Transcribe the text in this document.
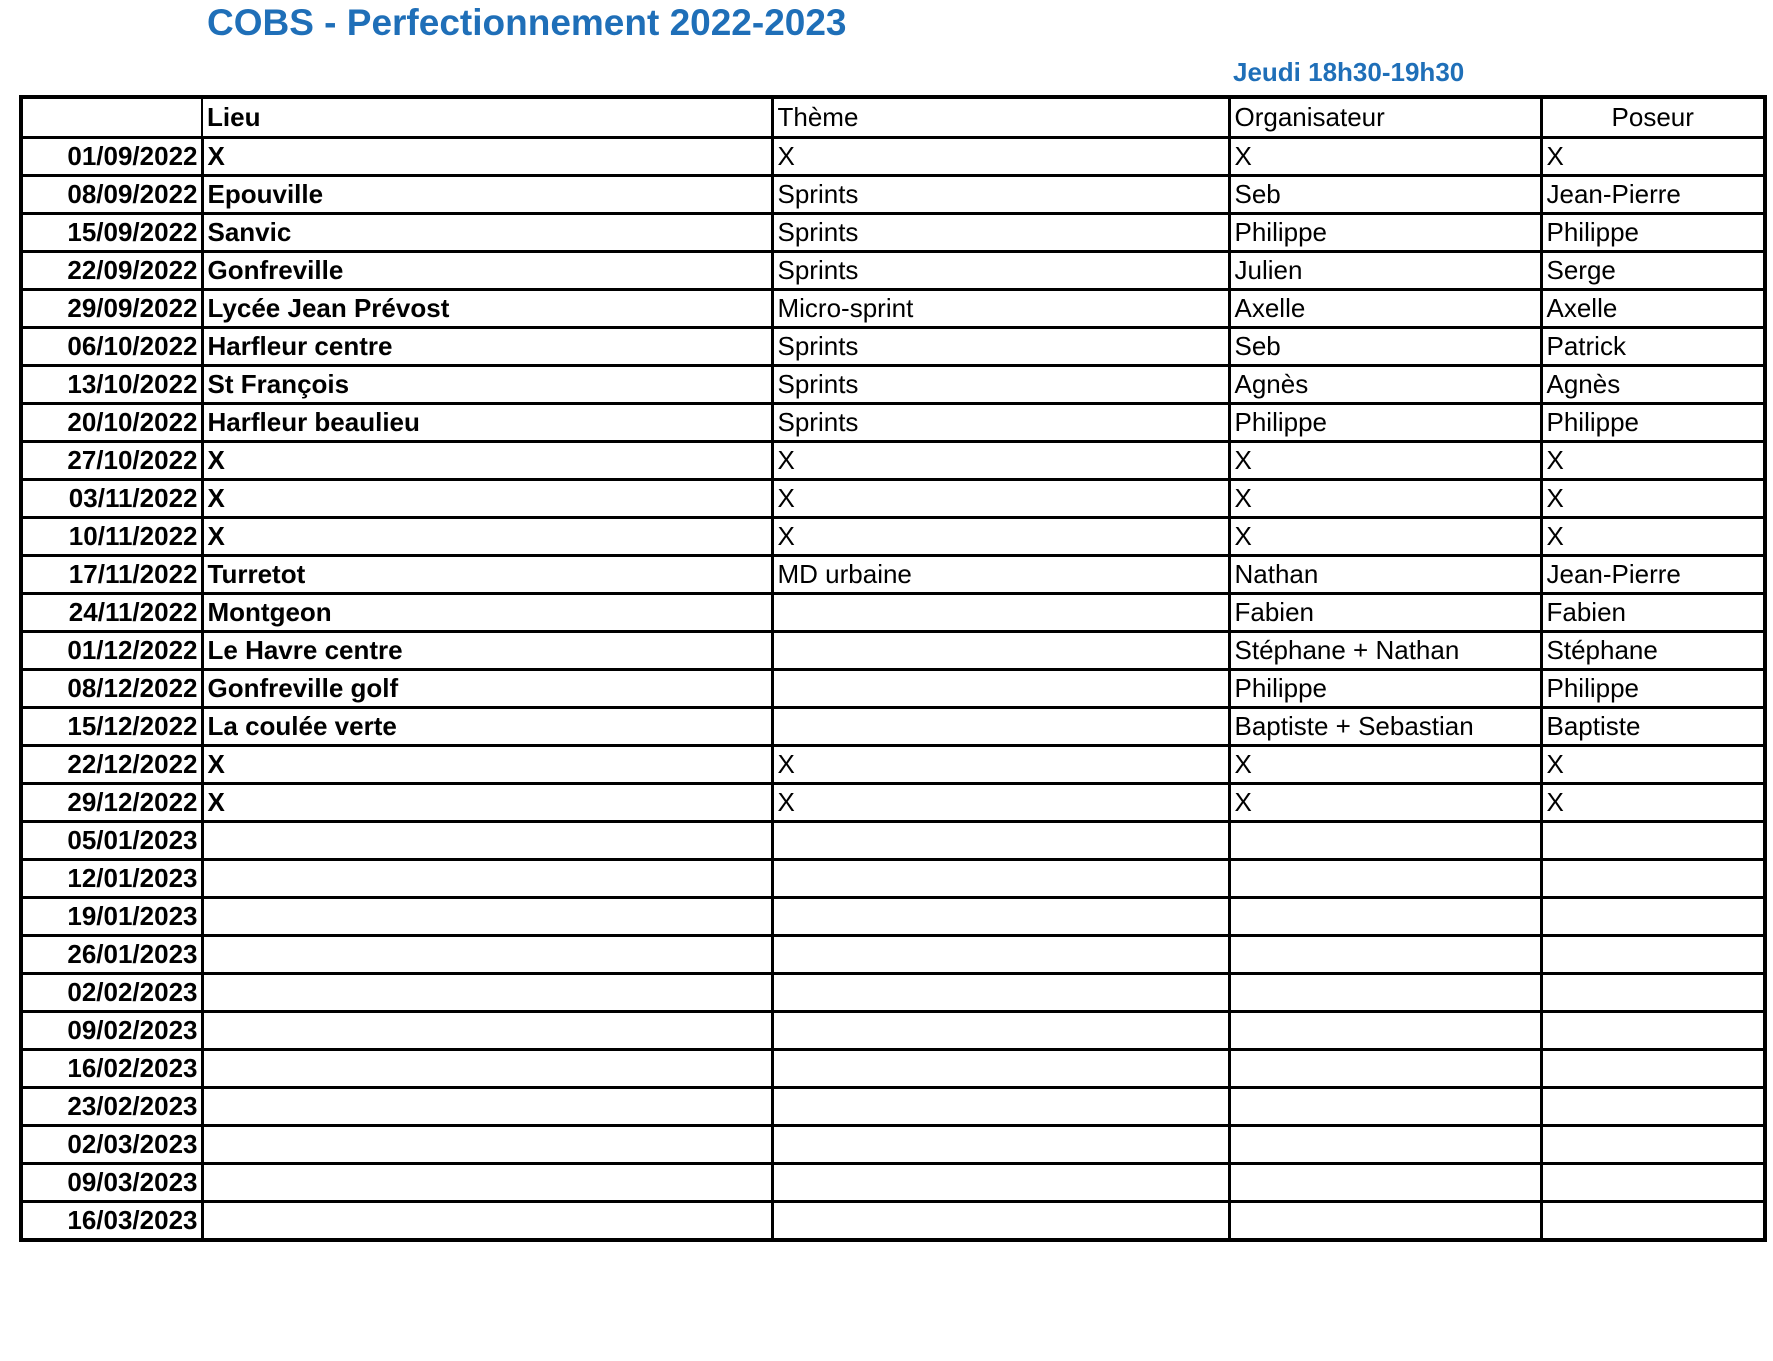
COBS - Perfectionnement 2022-2023
Jeudi 18h30-19h30
	Lieu	Thème	Organisateur	Poseur
01/09/2022	X	X	X	X
08/09/2022	Epouville	Sprints	Seb	Jean-Pierre
15/09/2022	Sanvic	Sprints	Philippe	Philippe
22/09/2022	Gonfreville	Sprints	Julien	Serge
29/09/2022	Lycée Jean Prévost	Micro-sprint	Axelle	Axelle
06/10/2022	Harfleur centre	Sprints	Seb	Patrick
13/10/2022	St François	Sprints	Agnès	Agnès
20/10/2022	Harfleur beaulieu	Sprints	Philippe	Philippe
27/10/2022	X	X	X	X
03/11/2022	X	X	X	X
10/11/2022	X	X	X	X
17/11/2022	Turretot	MD urbaine	Nathan	Jean-Pierre
24/11/2022	Montgeon		Fabien	Fabien
01/12/2022	Le Havre centre		Stéphane + Nathan	Stéphane
08/12/2022	Gonfreville golf		Philippe	Philippe
15/12/2022	La coulée verte		Baptiste + Sebastian	Baptiste
22/12/2022	X	X	X	X
29/12/2022	X	X	X	X
05/01/2023				
12/01/2023				
19/01/2023				
26/01/2023				
02/02/2023				
09/02/2023				
16/02/2023				
23/02/2023				
02/03/2023				
09/03/2023				
16/03/2023				
